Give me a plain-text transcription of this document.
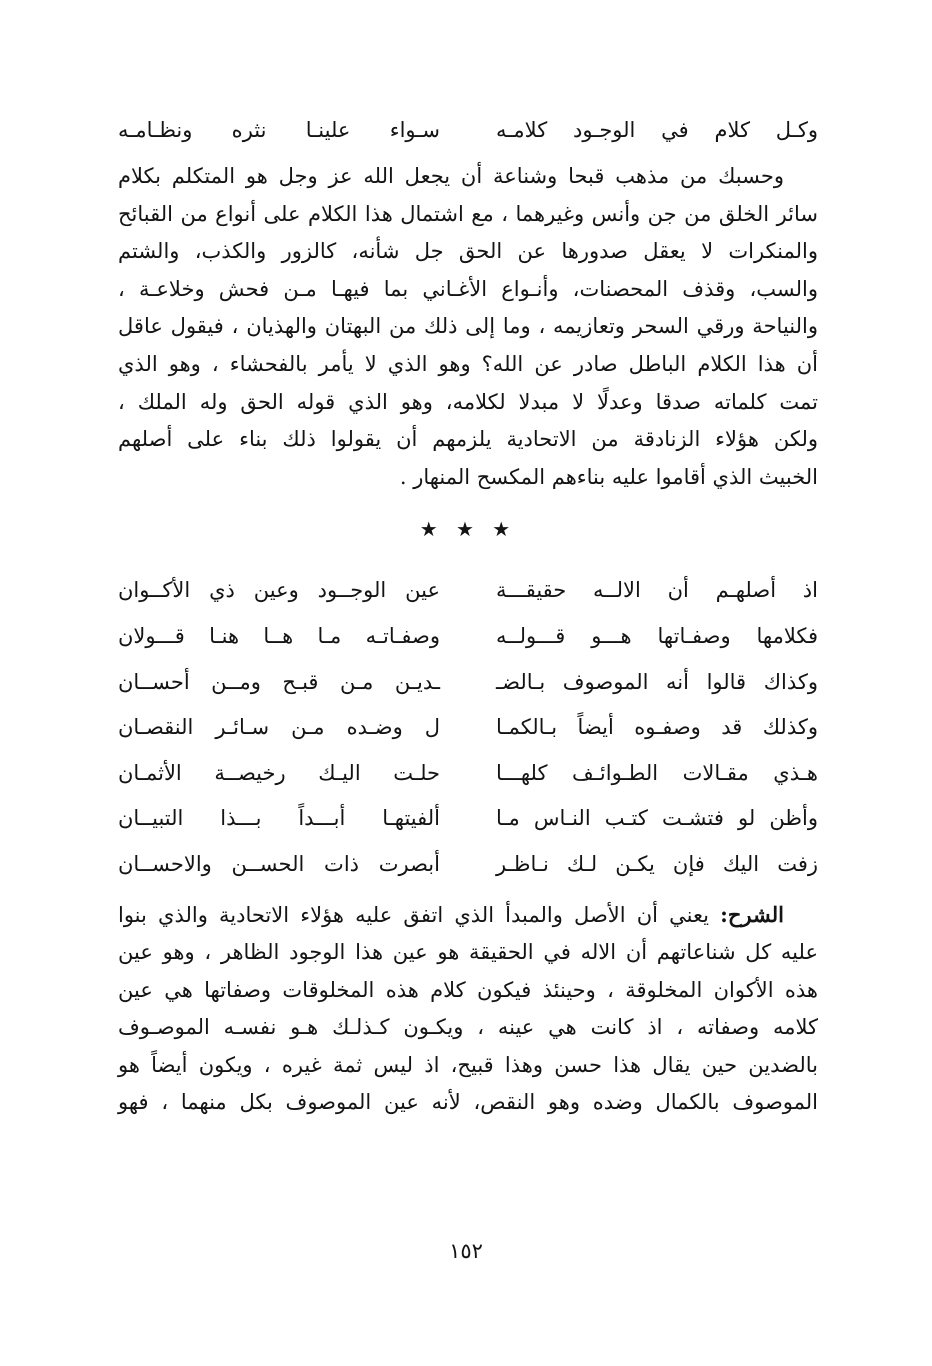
وكـل كلام في الوجـود كلامـه
سـواء علينـا نثره ونظـامـه

وحسبك من مذهب قبحا وشناعة أن يجعل الله عز وجل هو المتكلم بكلام
سائر الخلق من جن وأنس وغيرهما ، مع اشتمال هذا الكلام على أنواع من القبائح
والمنكرات لا يعقل صدورها عن الحق جل شأنه، كالزور والكذب، والشتم
والسب، وقذف المحصنات، وأنـواع الأغـاني بما فيهـا مـن فحش وخلاعـة ،
والنياحة ورقي السحر وتعازيمه ، وما إلى ذلك من البهتان والهذيان ، فيقول عاقل
أن هذا الكلام الباطل صادر عن الله؟ وهو الذي لا يأمر بالفحشاء ، وهو الذي
تمت كلماته صدقا وعدلًا لا مبدلا لكلامه، وهو الذي قوله الحق وله الملك ،
ولكن هؤلاء الزنادقة من الاتحادية يلزمهم أن يقولوا ذلك بناء على أصلهم
الخبيث الذي أقاموا عليه بناءهم المكسح المنهار .

★ ★ ★
اذ أصلهـم أن الالــه حقيقـــة
عين الوجــود وعين ذي الأكــوان
فكلامها وصفـاتها هـــو قـــولــه
وصفـاتـه مـا هــا هنـا قـــولان
وكذاك قالوا أنه الموصوف بـالضـ
ـديـن مـن قبـح ومــن أحســان
وكذلك قد وصفـوه أيضاً بـالكمـا
ل وضـده مـن سـائـر النقصـان
هـذي مقـالات الطـوائـف كلهـــا
حلـت اليـك رخيصــة الأثمـان
وأظن لو فتشـت كتـب النـاس مـا
ألفيتهـا أبـــداً بـــذا التبيــان
زفت اليك فإن يكـن لـك نـاظـر
أبصرت ذات الحســن والاحســان

الشرح: يعني أن الأصل والمبدأ الذي اتفق عليه هؤلاء الاتحادية والذي بنوا
عليه كل شناعاتهم أن الاله في الحقيقة هو عين هذا الوجود الظاهر ، وهو عين
هذه الأكوان المخلوقة ، وحينئذ فيكون كلام هذه المخلوقات وصفاتها هي عين
كلامه وصفاته ، اذ كانت هي عينه ، ويكـون كـذلـك هـو نفسـه الموصـوف
بالضدين حين يقال هذا حسن وهذا قبيح، اذ ليس ثمة غيره ، ويكون أيضاً هو
الموصوف بالكمال وضده وهو النقص، لأنه عين الموصوف بكل منهما ، فهو

١٥٢
